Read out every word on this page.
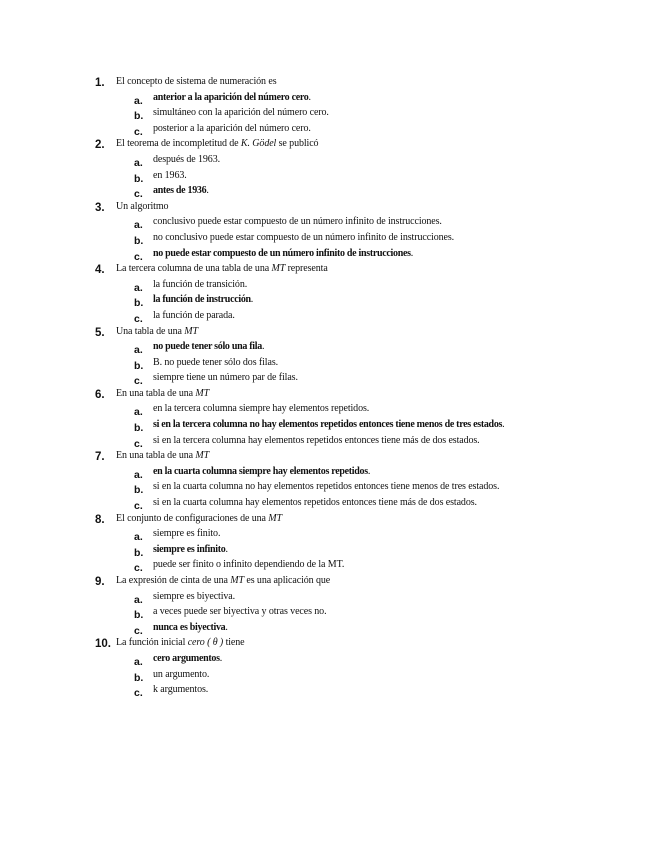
1.	El concepto de sistema de numeración es
a. anterior a la aparición del número cero.
b. simultáneo con la aparición del número cero.
c. posterior a la aparición del número cero.
2.	El teorema de incompletitud de K. Gödel se publicó
a. después de 1963.
b. en 1963.
c. antes de 1936.
3.	Un algoritmo
a. conclusivo puede estar compuesto de un número infinito de instrucciones.
b. no conclusivo puede estar compuesto de un número infinito de instrucciones.
c. no puede estar compuesto de un número infinito de instrucciones.
4.	La tercera columna de una tabla de una MT representa
a. la función de transición.
b. la función de instrucción.
c. la función de parada.
5.	Una tabla de una MT
a. no puede tener sólo una fila.
b. B. no puede tener sólo dos filas.
c. siempre tiene un número par de filas.
6.	En una tabla de una MT
a. en la tercera columna siempre hay elementos repetidos.
b. si en la tercera columna no hay elementos repetidos entonces tiene menos de tres estados.
c. si en la tercera columna hay elementos repetidos entonces tiene más de dos estados.
7.	En una tabla de una MT
a. en la cuarta columna siempre hay elementos repetidos.
b. si en la cuarta columna no hay elementos repetidos entonces tiene menos de tres estados.
c. si en la cuarta columna hay elementos repetidos entonces tiene más de dos estados.
8.	El conjunto de configuraciones de una MT
a. siempre es finito.
b. siempre es infinito.
c. puede ser finito o infinito dependiendo de la MT.
9.	La expresión de cinta de una MT es una aplicación que
a. siempre es biyectiva.
b. a veces puede ser biyectiva y otras veces no.
c. nunca es biyectiva.
10. La función inicial cero ( θ ) tiene
a. cero argumentos.
b. un argumento.
c. k argumentos.
